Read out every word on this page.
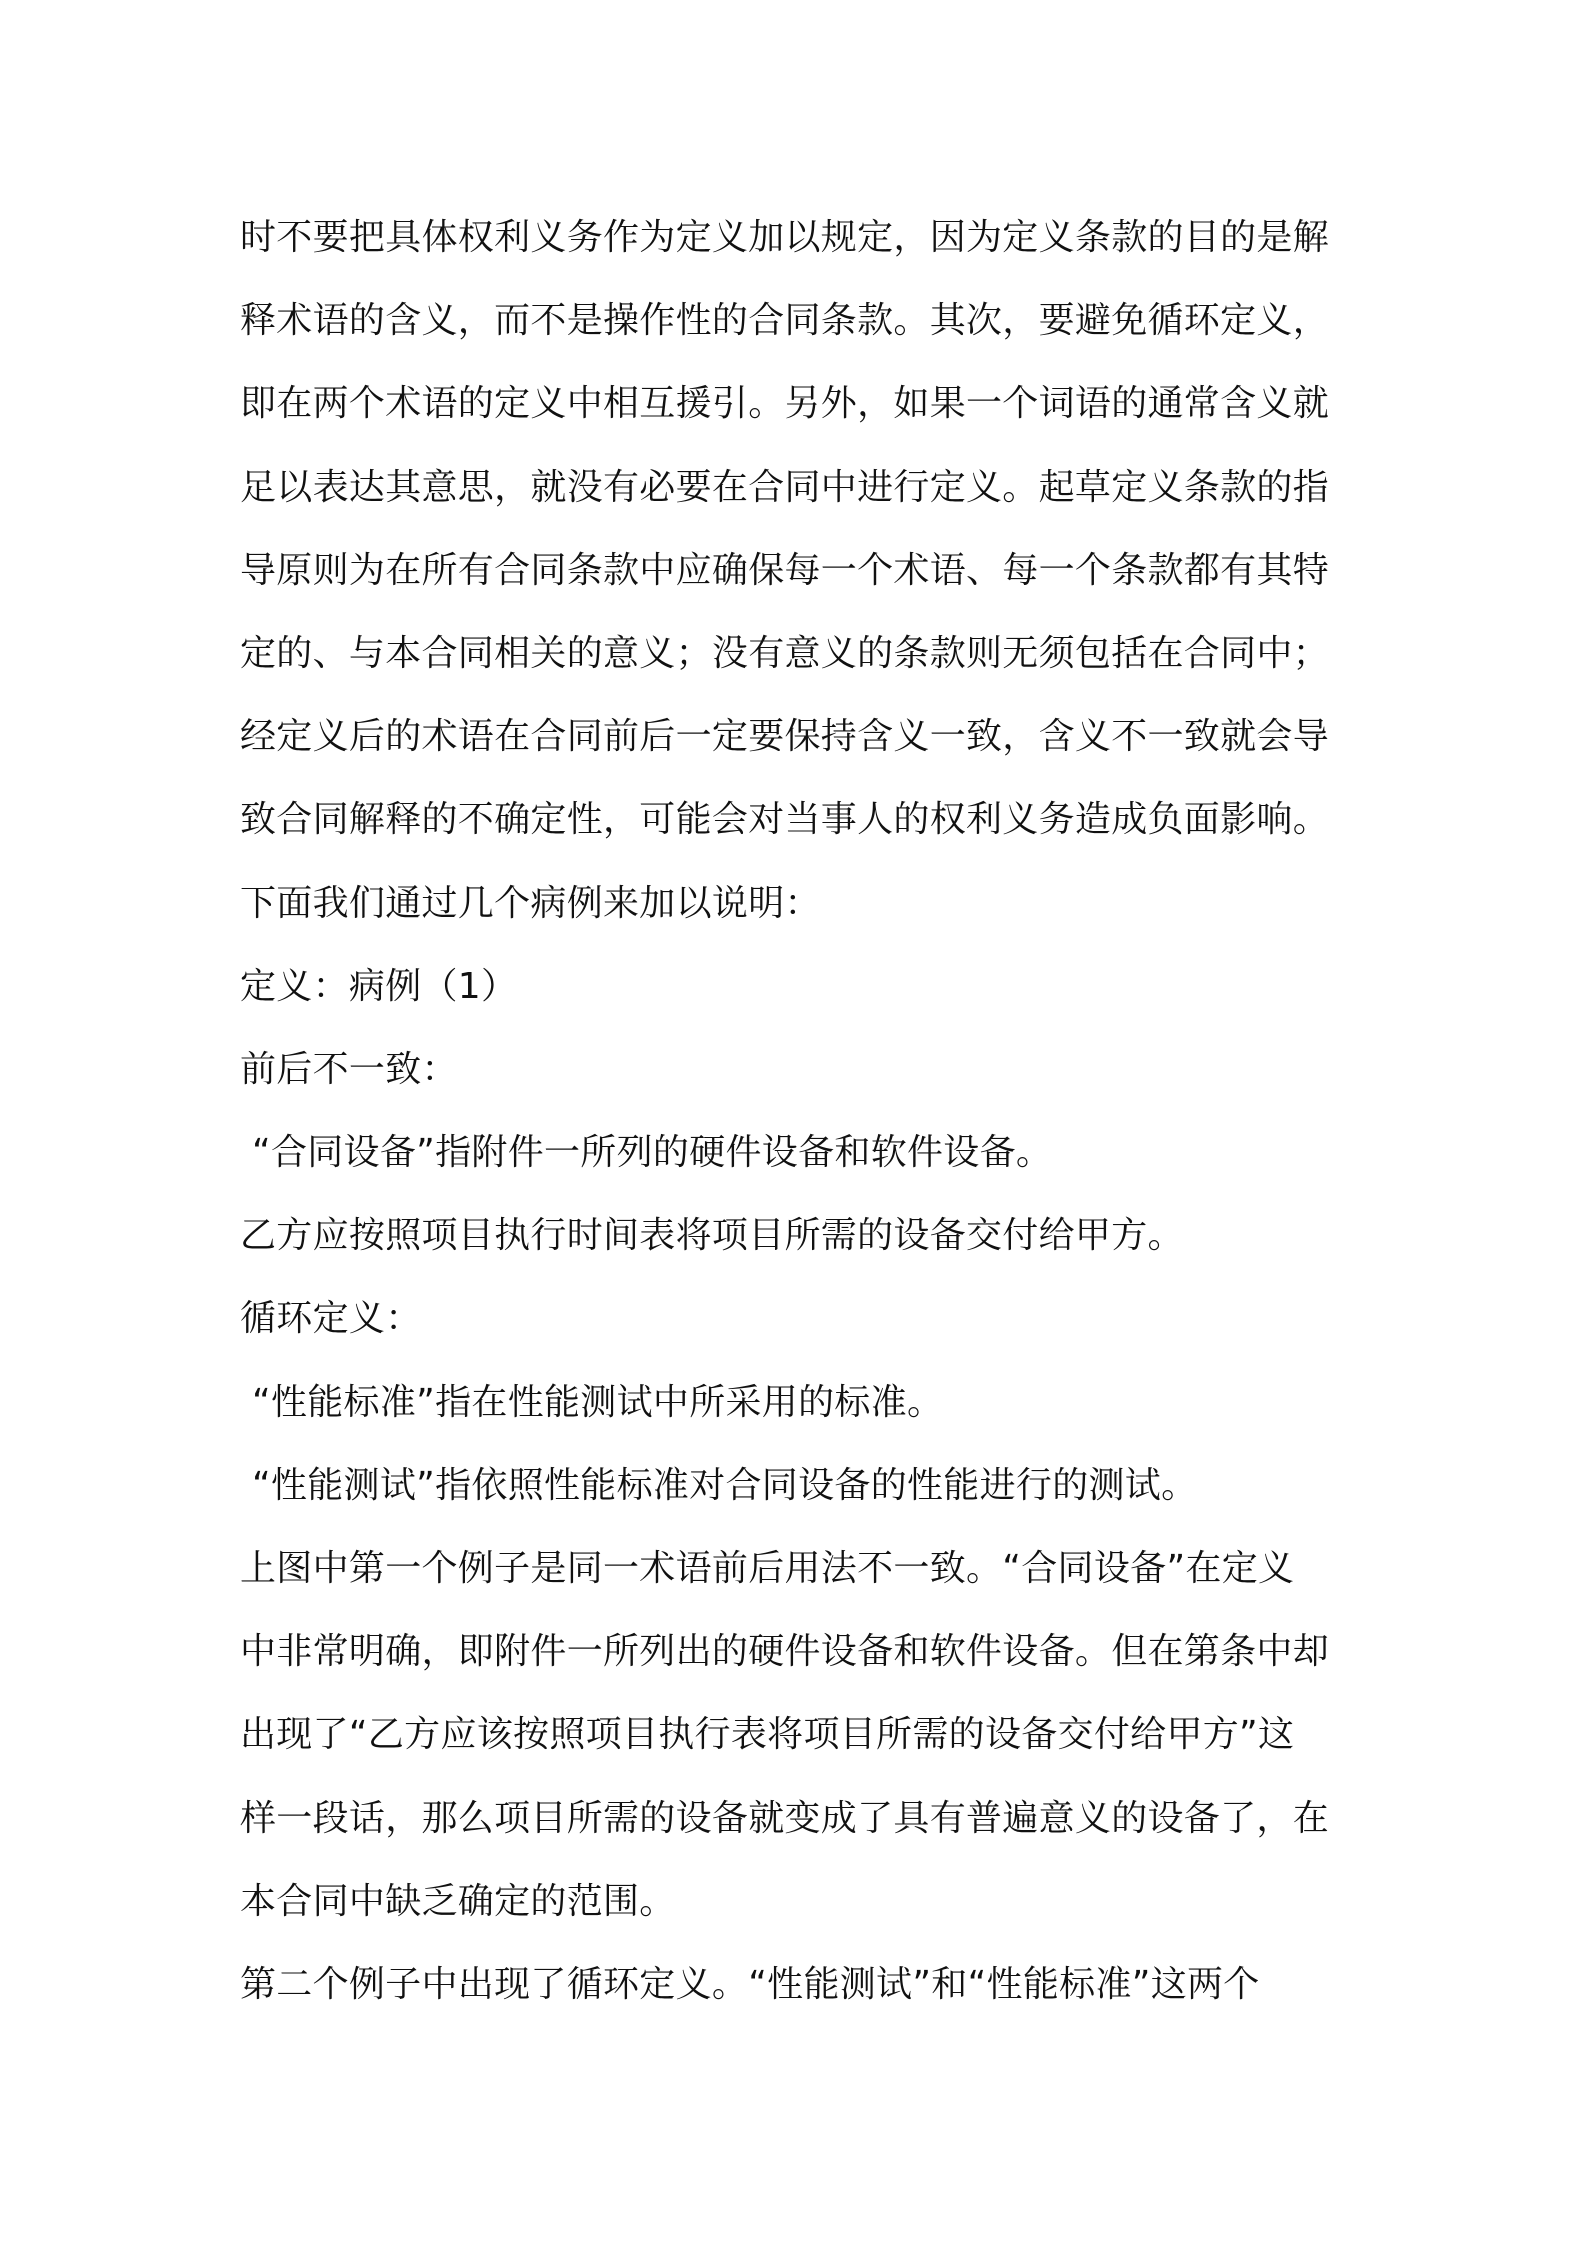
时不要把具体权利义务作为定义加以规定，因为定义条款的目的是解
释术语的含义，而不是操作性的合同条款。其次，要避免循环定义，
即在两个术语的定义中相互援引。另外，如果一个词语的通常含义就
足以表达其意思，就没有必要在合同中进行定义。起草定义条款的指
导原则为在所有合同条款中应确保每一个术语、每一个条款都有其特
定的、与本合同相关的意义；没有意义的条款则无须包括在合同中；
经定义后的术语在合同前后一定要保持含义一致，含义不一致就会导
致合同解释的不确定性，可能会对当事人的权利义务造成负面影响。
下面我们通过几个病例来加以说明：
定义：病例（1）
前后不一致：
“合同设备”指附件一所列的硬件设备和软件设备。
乙方应按照项目执行时间表将项目所需的设备交付给甲方。
循环定义：
“性能标准”指在性能测试中所采用的标准。
“性能测试”指依照性能标准对合同设备的性能进行的测试。
上图中第一个例子是同一术语前后用法不一致。“合同设备”在定义
中非常明确，即附件一所列出的硬件设备和软件设备。但在第条中却
出现了“乙方应该按照项目执行表将项目所需的设备交付给甲方”这
样一段话，那么项目所需的设备就变成了具有普遍意义的设备了，在
本合同中缺乏确定的范围。
第二个例子中出现了循环定义。“性能测试”和“性能标准”这两个
